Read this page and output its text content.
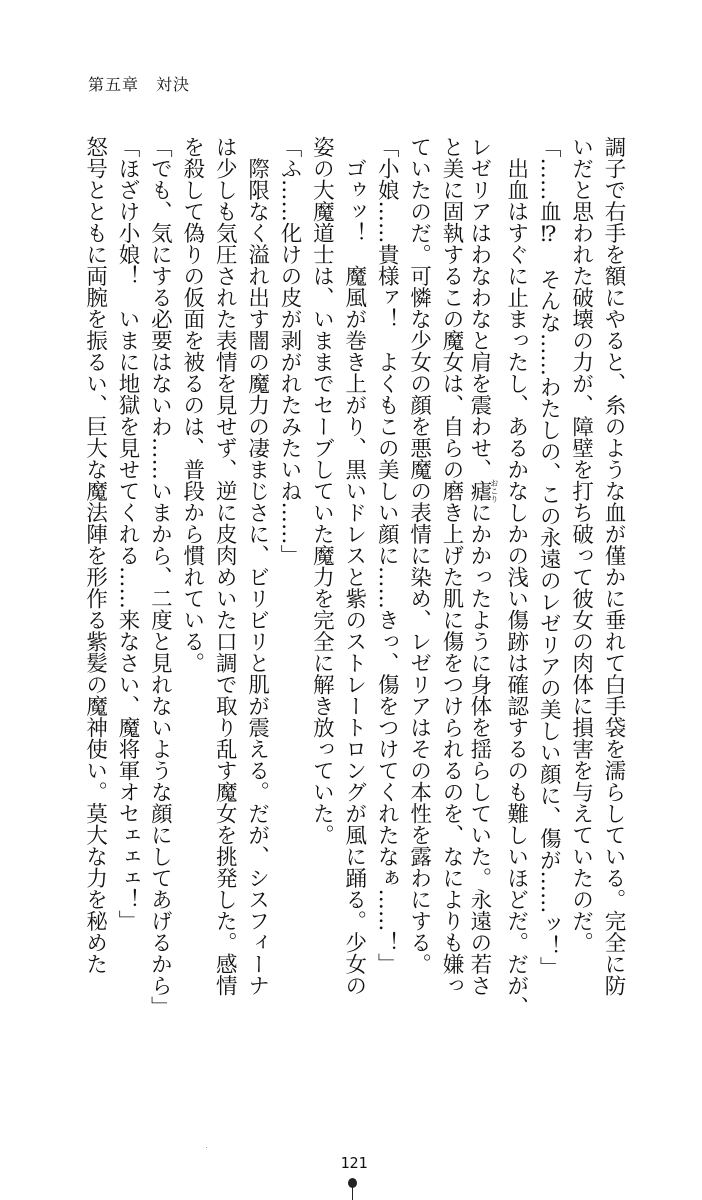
第五章　対決
調子で右手を額にやると、糸のような血が僅かに垂れて白手袋を濡らしている。完全に防
いだと思われた破壊の力が、障壁を打ち破って彼女の肉体に損害を与えていたのだ。
「……血⁉　そんな……わたしの、この永遠のレゼリアの美しい顔に、傷が……ッ！」
　出血はすぐに止まったし、あるかなしかの浅い傷跡は確認するのも難しいほどだ。だが、
レゼリアはわなわなと肩を震わせ、瘧おこりにかかったように身体を揺らしていた。永遠の若さ
と美に固執するこの魔女は、自らの磨き上げた肌に傷をつけられるのを、なによりも嫌っ
ていたのだ。可憐な少女の顔を悪魔の表情に染め、レゼリアはその本性を露わにする。
「小娘……貴様ァ！　よくもこの美しい顔に……きっ、傷をつけてくれたなぁ……！」
　ゴゥッ！　魔風が巻き上がり、黒いドレスと紫のストレートロングが風に踊る。少女の
姿の大魔道士は、いままでセーブしていた魔力を完全に解き放っていた。
「ふ……化けの皮が剥がれたみたいね……」
　際限なく溢れ出す闇の魔力の凄まじさに、ビリビリと肌が震える。だが、シスフィーナ
は少しも気圧された表情を見せず、逆に皮肉めいた口調で取り乱す魔女を挑発した。感情
を殺して偽りの仮面を被るのは、普段から慣れている。
「でも、気にする必要はないわ……いまから、二度と見れないような顔にしてあげるから」
「ほざけ小娘！　いまに地獄を見せてくれる……来なさい、魔将軍オセェェェ！」
怒号とともに両腕を振るい、巨大な魔法陣を形作る紫髪の魔神使い。莫大な力を秘めた
121
